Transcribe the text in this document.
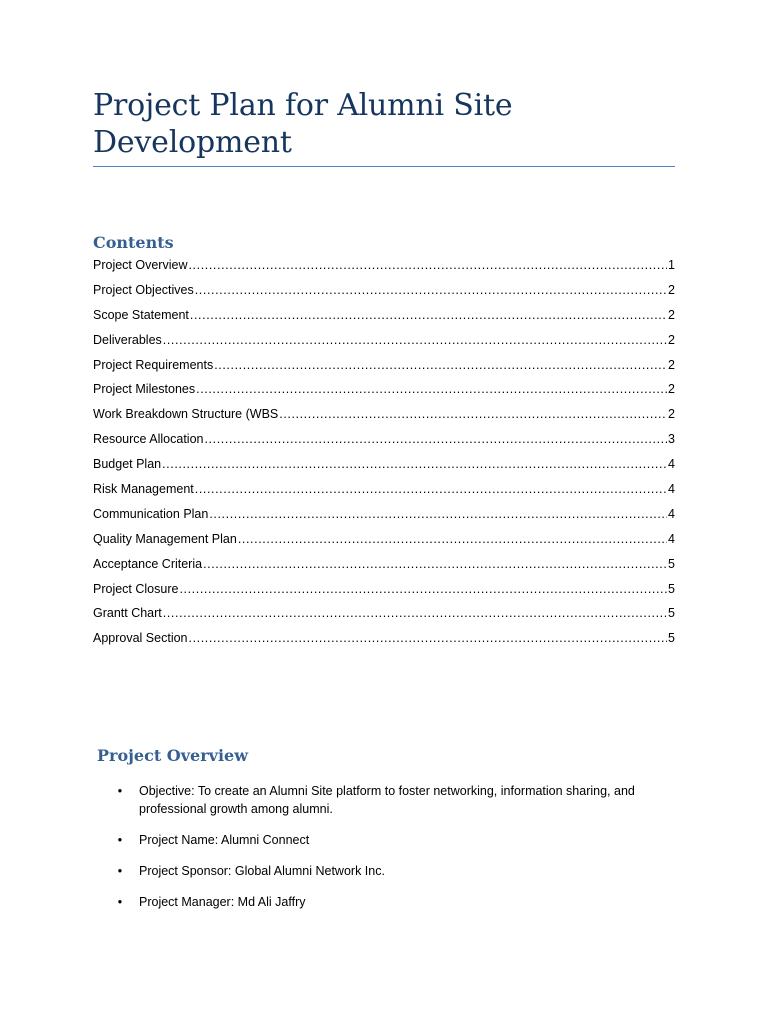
Project Plan for Alumni Site Development
Contents
Project Overview .....	1
Project Objectives .....	2
Scope Statement .....	2
Deliverables .....	2
Project Requirements .....	2
Project Milestones .....	2
Work Breakdown Structure (WBS .....	2
Resource Allocation .....	3
Budget Plan .....	4
Risk Management .....	4
Communication Plan .....	4
Quality Management Plan .....	4
Acceptance Criteria .....	5
Project Closure .....	5
Grantt Chart .....	5
Approval Section .....	5
Project Overview
• Objective: To create an Alumni Site platform to foster networking, information sharing, and professional growth among alumni.
• Project Name: Alumni Connect
• Project Sponsor: Global Alumni Network Inc.
• Project Manager: Md Ali Jaffry
